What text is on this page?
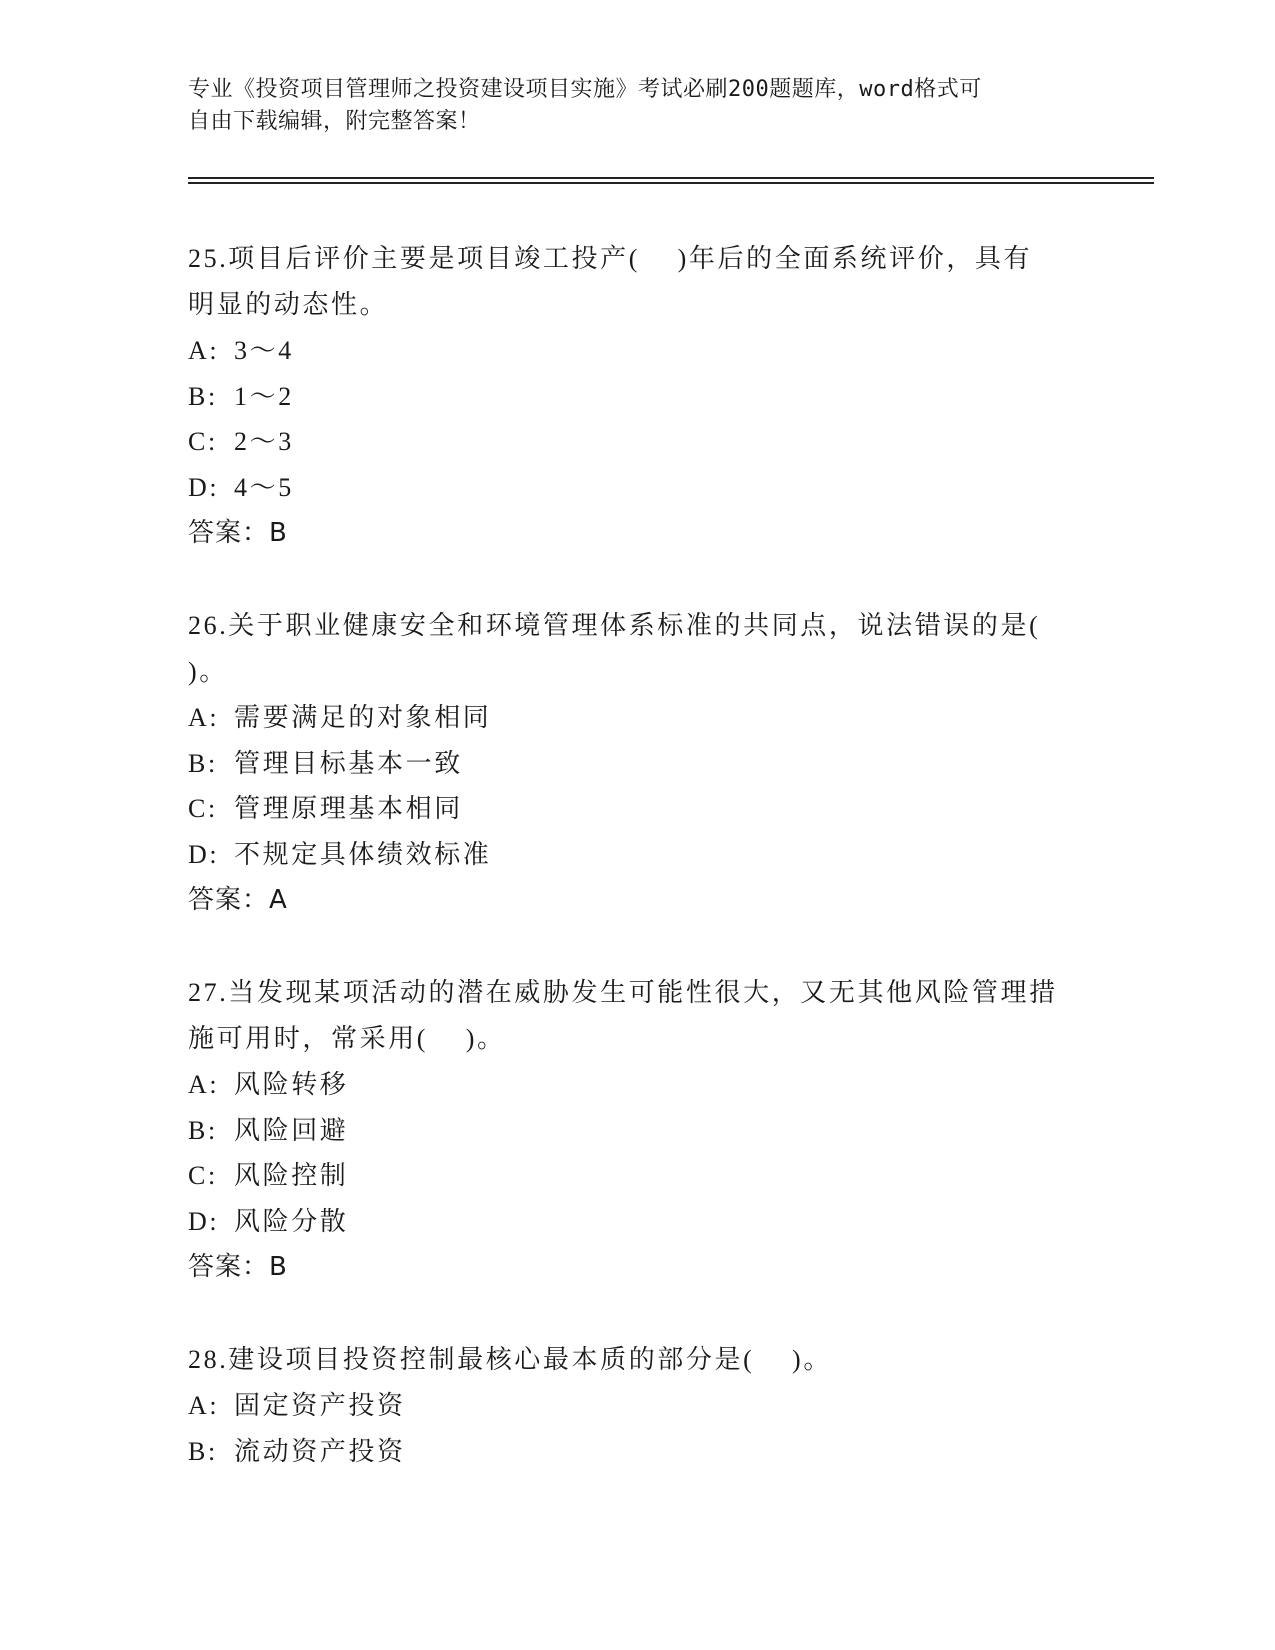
专业《投资项目管理师之投资建设项目实施》考试必刷200题题库，word格式可
自由下载编辑，附完整答案！
25.项目后评价主要是项目竣工投产(　 )年后的全面系统评价，具有
明显的动态性。
A: 3～4
B: 1～2
C: 2～3
D: 4～5
答案：B
26.关于职业健康安全和环境管理体系标准的共同点，说法错误的是(
)。
A: 需要满足的对象相同
B: 管理目标基本一致
C: 管理原理基本相同
D: 不规定具体绩效标准
答案：A
27.当发现某项活动的潜在威胁发生可能性很大，又无其他风险管理措
施可用时，常采用(　 )。
A: 风险转移
B: 风险回避
C: 风险控制
D: 风险分散
答案：B
28.建设项目投资控制最核心最本质的部分是(　 )。
A: 固定资产投资
B: 流动资产投资
